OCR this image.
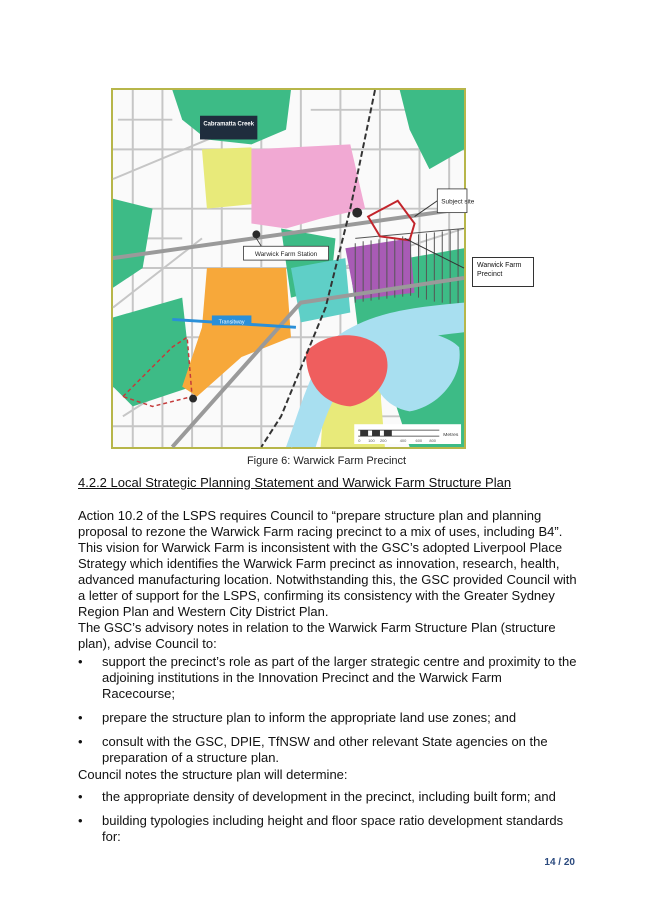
Cabramatta Creek
Warwick Farm Station
Subject site
Transitway
Metres
0 100 200	400 600 800
Warwick Farm Precinct
Figure 6: Warwick Farm Precinct
4.2.2 Local Strategic Planning Statement and Warwick Farm Structure Plan

Action 10.2 of the LSPS requires Council to “prepare structure plan and planning proposal to rezone the Warwick Farm racing precinct to a mix of uses, including B4”. This vision for Warwick Farm is inconsistent with the GSC’s adopted Liverpool Place Strategy which identifies the Warwick Farm precinct as innovation, research, health, advanced manufacturing location. Notwithstanding this, the GSC provided Council with a letter of support for the LSPS, confirming its consistency with the Greater Sydney Region Plan and Western City District Plan.

The GSC’s advisory notes in relation to the Warwick Farm Structure Plan (structure plan), advise Council to:

• support the precinct’s role as part of the larger strategic centre and proximity to the adjoining institutions in the Innovation Precinct and the Warwick Farm Racecourse;
• prepare the structure plan to inform the appropriate land use zones; and
• consult with the GSC, DPIE, TfNSW and other relevant State agencies on the preparation of a structure plan.

Council notes the structure plan will determine:

• the appropriate density of development in the precinct, including built form; and
• building typologies including height and floor space ratio development standards for:
14 / 20
